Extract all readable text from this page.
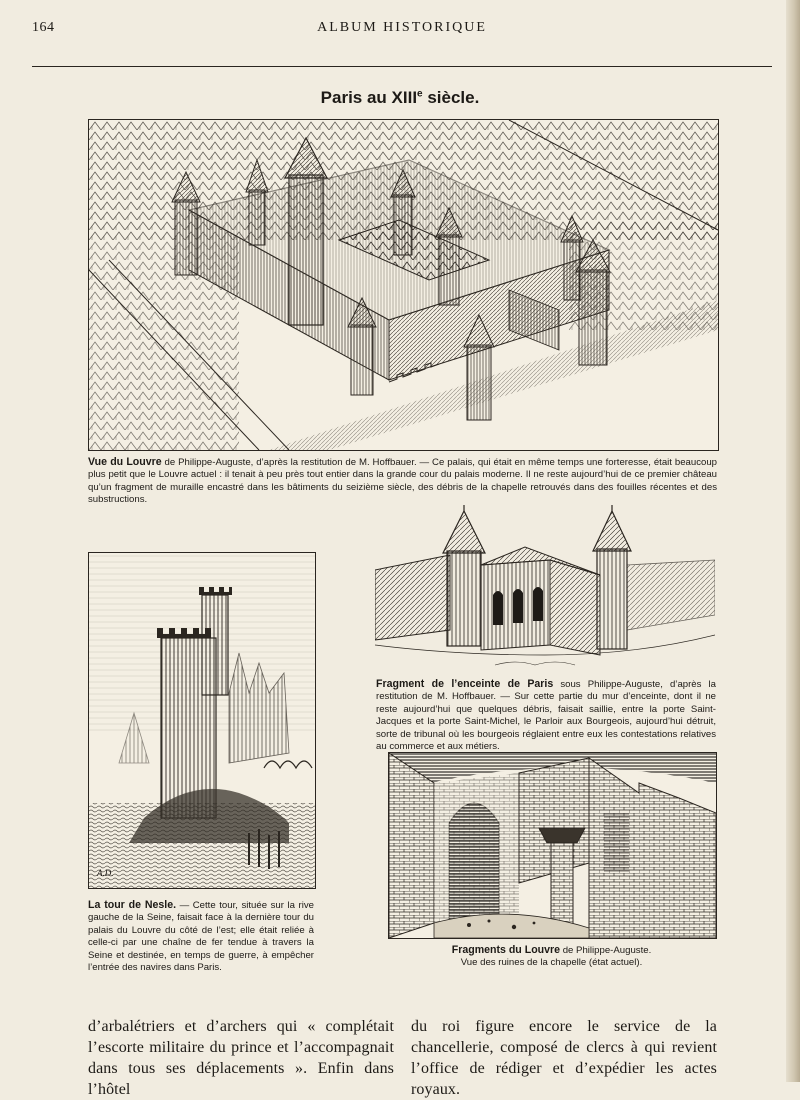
164	ALBUM HISTORIQUE
Paris au XIIIe siècle.
Vue du Louvre de Philippe-Auguste, d’après la restitution de M. Hoffbauer. — Ce palais, qui était en même temps une forteresse, était beaucoup plus petit que le Louvre actuel : il tenait à peu près tout entier dans la grande cour du palais moderne. Il ne reste aujourd’hui de ce premier château qu’un fragment de muraille encastré dans les bâtiments du seizième siècle, des débris de la chapelle retrouvés dans des fouilles récentes et des substructions.
A.D.
La tour de Nesle. — Cette tour, située sur la rive gauche de la Seine, faisait face à la dernière tour du palais du Louvre du côté de l’est; elle était reliée à celle-ci par une chaîne de fer tendue à travers la Seine et destinée, en temps de guerre, à empêcher l’entrée des navires dans Paris.
Fragment de l’enceinte de Paris sous Philippe-Auguste, d’après la restitution de M. Hoffbauer. — Sur cette partie du mur d’enceinte, dont il ne reste aujourd’hui que quelques débris, faisait saillie, entre la porte Saint-Jacques et la porte Saint-Michel, le Parloir aux Bourgeois, aujourd’hui détruit, sorte de tribunal où les bourgeois réglaient entre eux les contestations relatives au commerce et aux métiers.
Fragments du Louvre de Philippe-Auguste.
Vue des ruines de la chapelle (état actuel).
d’arbalétriers et d’archers qui « complétait l’escorte militaire du prince et l’accompagnait dans tous ses déplacements ». Enfin dans l’hôtel
du roi figure encore le service de la chancellerie, composé de clercs à qui revient l’office de rédiger et d’expédier les actes royaux.
